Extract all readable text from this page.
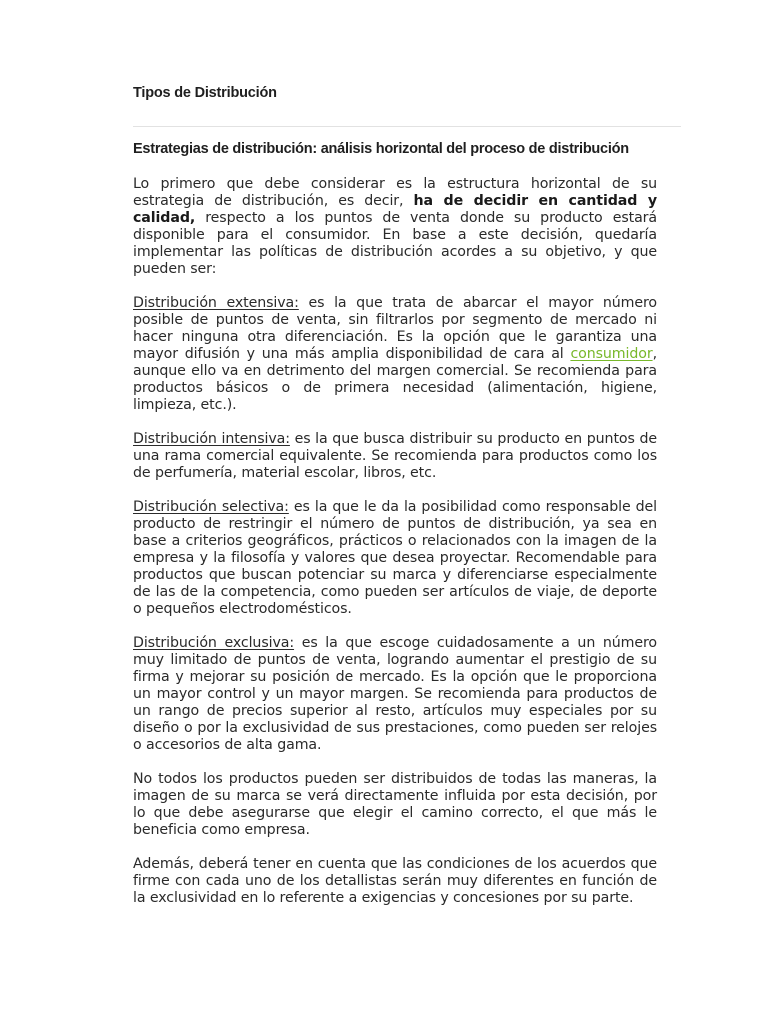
Tipos de Distribución
Estrategias de distribución: análisis horizontal del proceso de distribución

Lo primero que debe considerar es la estructura horizontal de su estrategia de distribución, es decir, ha de decidir en cantidad y calidad, respecto a los puntos de venta donde su producto estará disponible para el consumidor. En base a este decisión, quedaría implementar las políticas de distribución acordes a su objetivo, y que pueden ser:

Distribución extensiva: es la que trata de abarcar el mayor número posible de puntos de venta, sin filtrarlos por segmento de mercado ni hacer ninguna otra diferenciación. Es la opción que le garantiza una mayor difusión y una más amplia disponibilidad de cara al consumidor, aunque ello va en detrimento del margen comercial. Se recomienda para productos básicos o de primera necesidad (alimentación, higiene, limpieza, etc.).

Distribución intensiva: es la que busca distribuir su producto en puntos de una rama comercial equivalente. Se recomienda para productos como los de perfumería, material escolar, libros, etc.

Distribución selectiva: es la que le da la posibilidad como responsable del producto de restringir el número de puntos de distribución, ya sea en base a criterios geográficos, prácticos o relacionados con la imagen de la empresa y la filosofía y valores que desea proyectar. Recomendable para productos que buscan potenciar su marca y diferenciarse especialmente de las de la competencia, como pueden ser artículos de viaje, de deporte o pequeños electrodomésticos.

Distribución exclusiva: es la que escoge cuidadosamente a un número muy limitado de puntos de venta, logrando aumentar el prestigio de su firma y mejorar su posición de mercado. Es la opción que le proporciona un mayor control y un mayor margen. Se recomienda para productos de un rango de precios superior al resto, artículos muy especiales por su diseño o por la exclusividad de sus prestaciones, como pueden ser relojes o accesorios de alta gama.

No todos los productos pueden ser distribuidos de todas las maneras, la imagen de su marca se verá directamente influida por esta decisión, por lo que debe asegurarse que elegir el camino correcto, el que más le beneficia como empresa.

Además, deberá tener en cuenta que las condiciones de los acuerdos que firme con cada uno de los detallistas serán muy diferentes en función de la exclusividad en lo referente a exigencias y concesiones por su parte.
